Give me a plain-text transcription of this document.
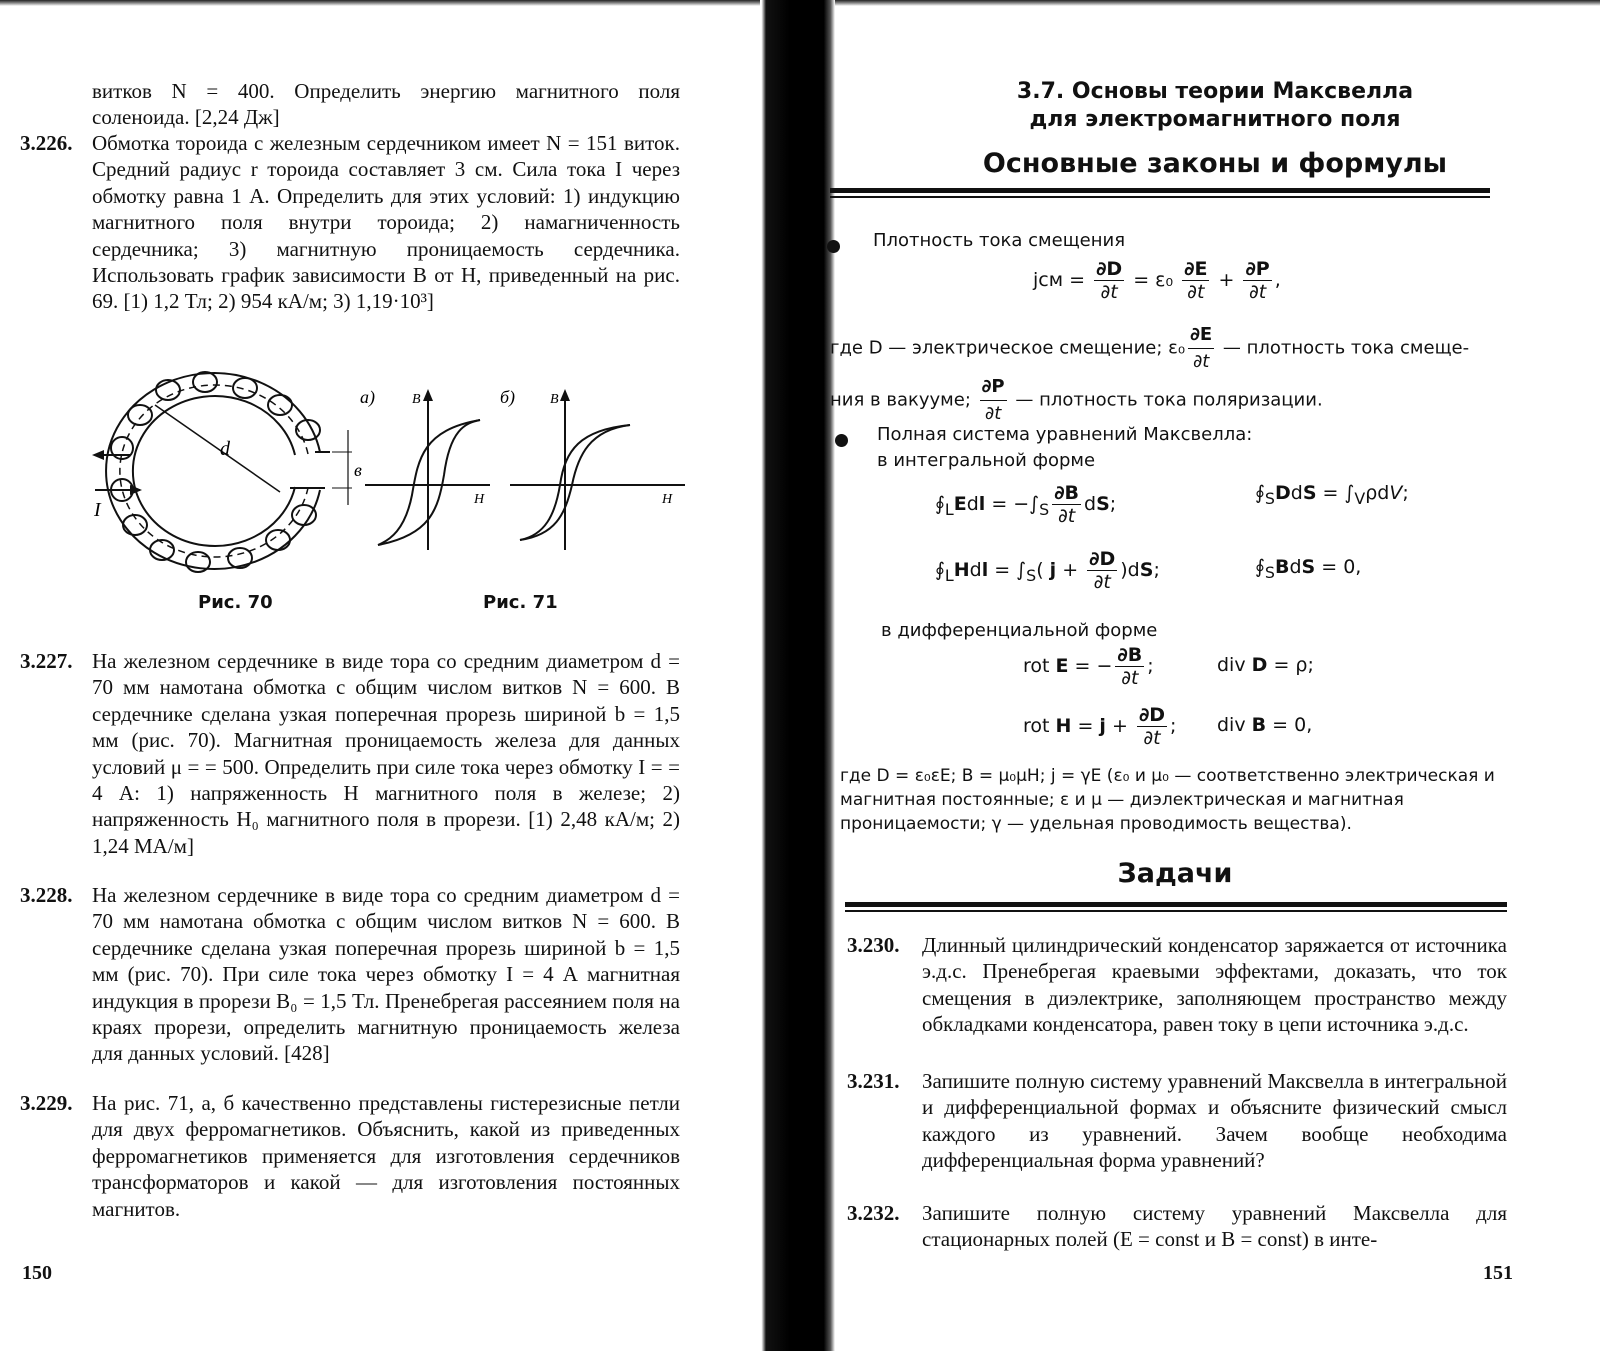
витков N = 400. Определить энергию магнитного поля соленоида. [2,24 Дж]
3.226. Обмотка тороида с железным сердечником имеет N = 151 виток. Средний радиус r тороида составляет 3 см. Сила тока I через обмотку равна 1 А. Определить для этих условий: 1) индукцию магнитного поля внутри тороида; 2) намагниченность сердечника; 3) магнитную проницаемость сердечника. Использовать график зависимости B от H, приведенный на рис. 69. [1) 1,2 Тл; 2) 954 кА/м; 3) 1,19·10³]
d
в
I
а)	б)
B	B
H	H
Рис. 70	Рис. 71
3.227. На железном сердечнике в виде тора со средним диаметром d = 70 мм намотана обмотка с общим числом витков N = 600. В сердечнике сделана узкая поперечная прорезь шириной b = 1,5 мм (рис. 70). Магнитная проницаемость железа для данных условий μ = = 500. Определить при силе тока через обмотку I = = 4 А: 1) напряженность H магнитного поля в железе; 2) напряженность H₀ магнитного поля в прорези. [1) 2,48 кА/м; 2) 1,24 МА/м]
3.228. На железном сердечнике в виде тора со средним диаметром d = 70 мм намотана обмотка с общим числом витков N = 600. В сердечнике сделана узкая поперечная прорезь шириной b = 1,5 мм (рис. 70). При силе тока через обмотку I = 4 А магнитная индукция в прорези B₀ = 1,5 Тл. Пренебрегая рассеянием поля на краях прорези, определить магнитную проницаемость железа для данных условий. [428]
3.229. На рис. 71, а, б качественно представлены гистерезисные петли для двух ферромагнетиков. Объяснить, какой из приведенных ферромагнетиков применяется для изготовления сердечников трансформаторов и какой — для изготовления постоянных магнитов.
150
3.7. Основы теории Максвелла
для электромагнитного поля
Основные законы и формулы
Плотность тока смещения
jсм = $\frac{\partial D}{\partial t} = \varepsilon_0 \frac{\partial E}{\partial t} + \frac{\partial P}{\partial t}$ ,
где D — электрическое смещение; $\varepsilon_0 \frac{\partial E}{\partial t}$ — плотность тока смеще-
ния в вакууме; $\frac{\partial P}{\partial t}$ — плотность тока поляризации.
Полная система уравнений Максвелла:
в интегральной форме
$∮_LEdl = -\int_S \frac{\partial B}{\partial t}$ dS;	$∮_SDdS = \int_V\rho dV$;
$∮_LHdl = \int_S$( $j + \frac{\partial D}{\partial t} )dS$;	$∮_SBdS = 0$,
в дифференциальной форме
rot E = − $\frac{\partial B}{\partial t}$ ;	div D = ρ;
rot $H = j + \frac{\partial D}{\partial t}$ ; div B = 0,
где D = ε₀εE; B = μ₀μH; j = γE (ε₀ и μ₀ — соответственно электрическая и магнитная постоянные; ε и μ — диэлектрическая и магнитная проницаемости; γ — удельная проводимость вещества).
Задачи
3.230. Длинный цилиндрический конденсатор заряжается от источника э.д.с. Пренебрегая краевыми эффектами, доказать, что ток смещения в диэлектрике, заполняющем пространство между обкладками конденсатора, равен току в цепи источника э.д.с.
3.231. Запишите полную систему уравнений Максвелла в интегральной и дифференциальной формах и объясните физический смысл каждого из уравнений. Зачем вообще необходима дифференциальная форма уравнений?
3.232. Запишите полную систему уравнений Максвелла для стационарных полей (E = const и B = const) в инте-
151
